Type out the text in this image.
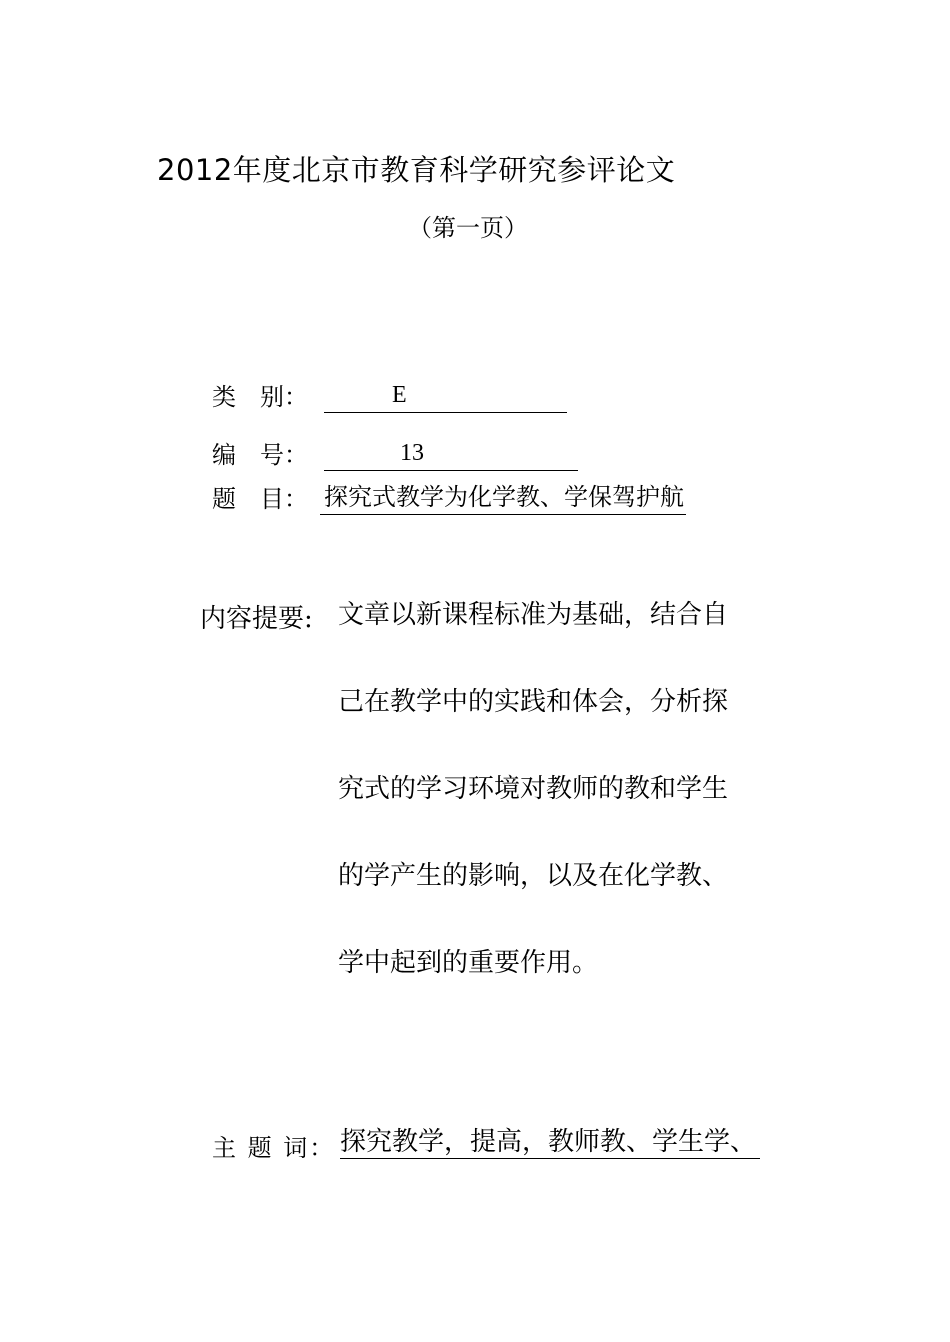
2012年度北京市教育科学研究参评论文
（第一页）
类　别：	E
编　号：	13
题　目： 探究式教学为化学教、学保驾护航
内容提要: 文章以新课程标准为基础，结合自
己在教学中的实践和体会，分析探
究式的学习环境对教师的教和学生
的学产生的影响，以及在化学教、
学中起到的重要作用。
主 题 词： 探究教学，提高，教师教、学生学、
